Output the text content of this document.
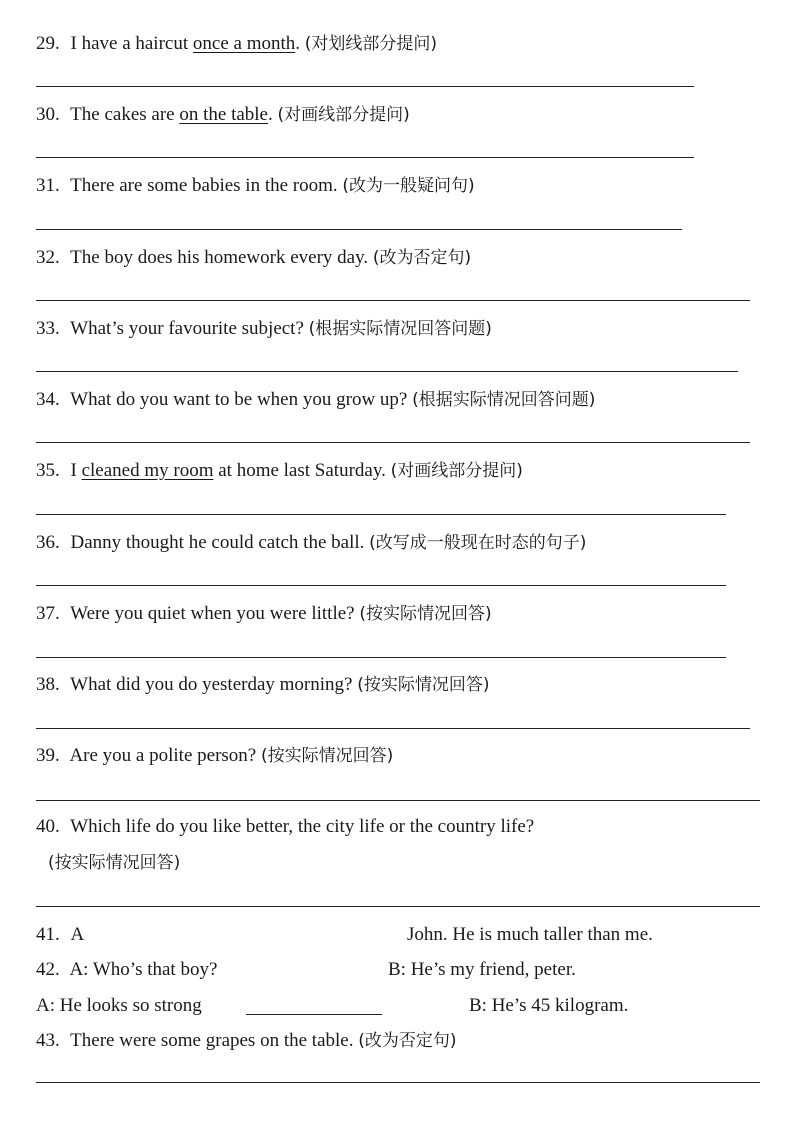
29. I have a haircut once a month. (对划线部分提问)
30. The cakes are on the table. (对画线部分提问)
31. There are some babies in the room. (改为一般疑问句)
32. The boy does his homework every day. (改为否定句)
33. What’s your favourite subject? (根据实际情况回答问题)
34. What do you want to be when you grow up? (根据实际情况回答问题)
35. I cleaned my room at home last Saturday. (对画线部分提问)
36. Danny thought he could catch the ball. (改写成一般现在时态的句子)
37. Were you quiet when you were little? (按实际情况回答)
38. What did you do yesterday morning? (按实际情况回答)
39. Are you a polite person? (按实际情况回答)
40. Which life do you like better, the city life or the country life?
(按实际情况回答)
41. A	John. He is much taller than me.
42. A: Who’s that boy?	B: He’s my friend, peter.
A: He looks so strong	B: He’s 45 kilogram.
43. There were some grapes on the table. (改为否定句)
